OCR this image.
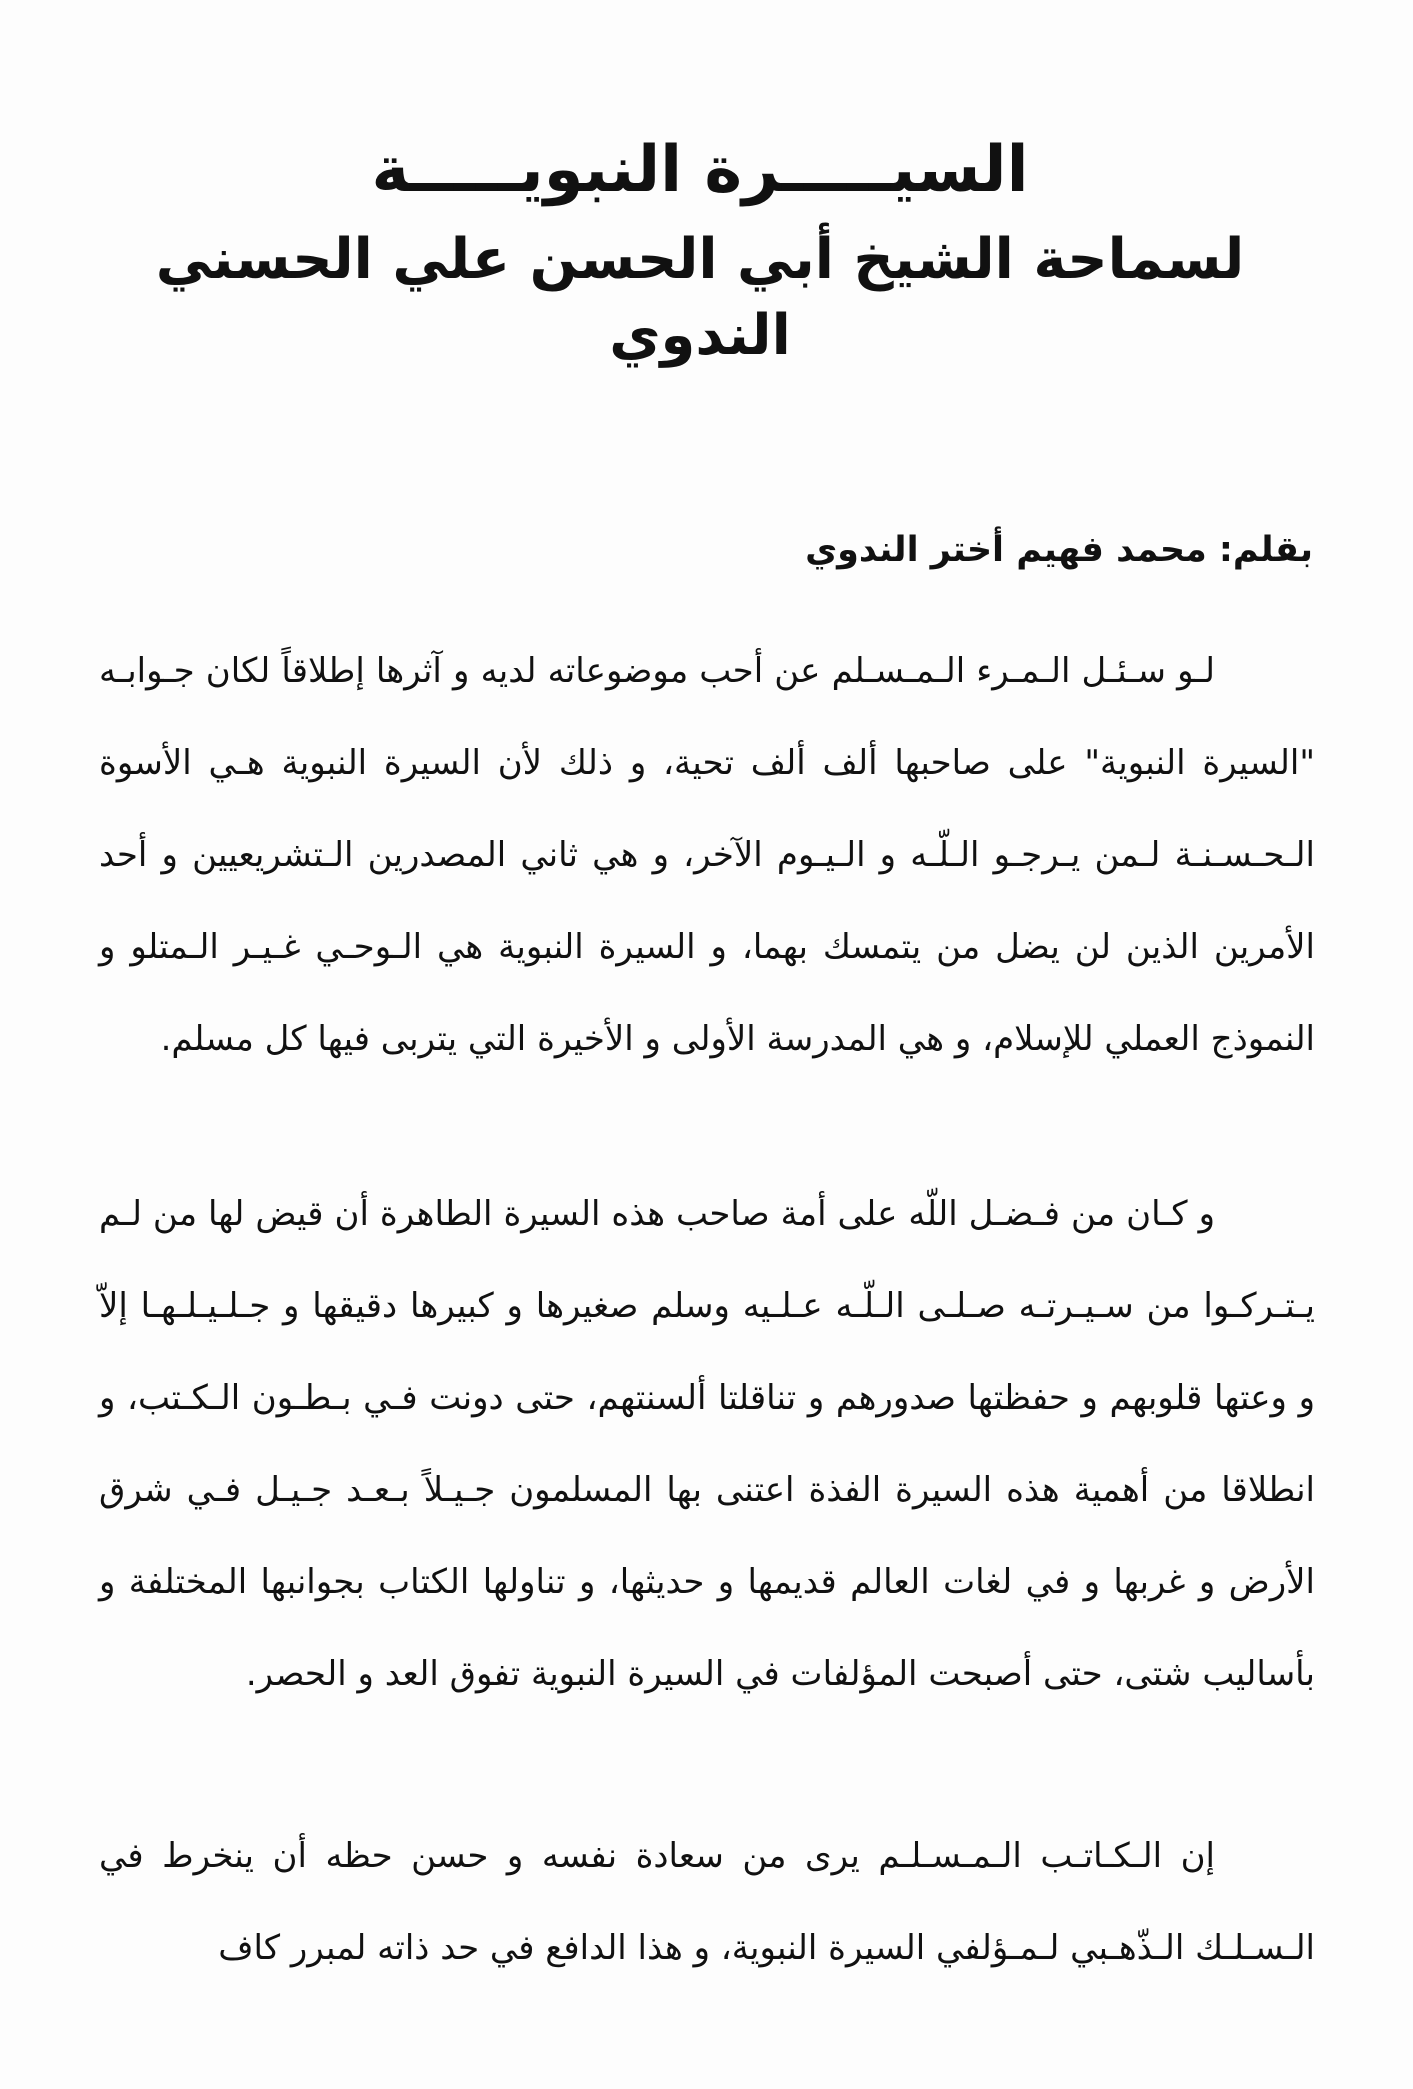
السيـــــرة النبويـــــة
لسماحة الشيخ أبي الحسن علي الحسني الندوي
بقلم: محمد فهيم أختر الندوي

لـو سـئـل الـمـرء الـمـسـلم عن أحب موضوعاته لديه و آثرها إطلاقاً لكان جـوابـه "السيرة النبوية" على صاحبها ألف ألف تحية، و ذلك لأن السيرة النبوية هـي الأسوة الـحـسـنـة لـمن يـرجـو الـلّـه و الـيـوم الآخر، و هي ثاني المصدرين الـتشريعيين و أحد الأمرين الذين لن يضل من يتمسك بهما، و السيرة النبوية هي الـوحـي غـيـر الـمتلو و النموذج العملي للإسلام، و هي المدرسة الأولى و الأخيرة التي يتربى فيها كل مسلم.

و كـان من فـضـل اللّه على أمة صاحب هذه السيرة الطاهرة أن قيض لها من لـم يـتـركـوا من سـيـرتـه صـلـى الـلّـه عـلـيه وسلم صغيرها و كبيرها دقيقها و جـلـيـلـهـا إلاّ و وعتها قلوبهم و حفظتها صدورهم و تناقلتا ألسنتهم، حتى دونت فـي بـطـون الـكـتب، و انطلاقا من أهمية هذه السيرة الفذة اعتنى بها المسلمون جـيـلاً بـعـد جـيـل فـي شرق الأرض و غربها و في لغات العالم قديمها و حديثها، و تناولها الكتاب بجوانبها المختلفة و بأساليب شتى، حتى أصبحت المؤلفات في السيرة النبوية تفوق العد و الحصر.

إن الـكـاتـب الـمـسـلـم يرى من سعادة نفسه و حسن حظه أن ينخرط في الـسـلـك الـذّهـبي لـمـؤلفي السيرة النبوية، و هذا الدافع في حد ذاته لمبرر كاف
